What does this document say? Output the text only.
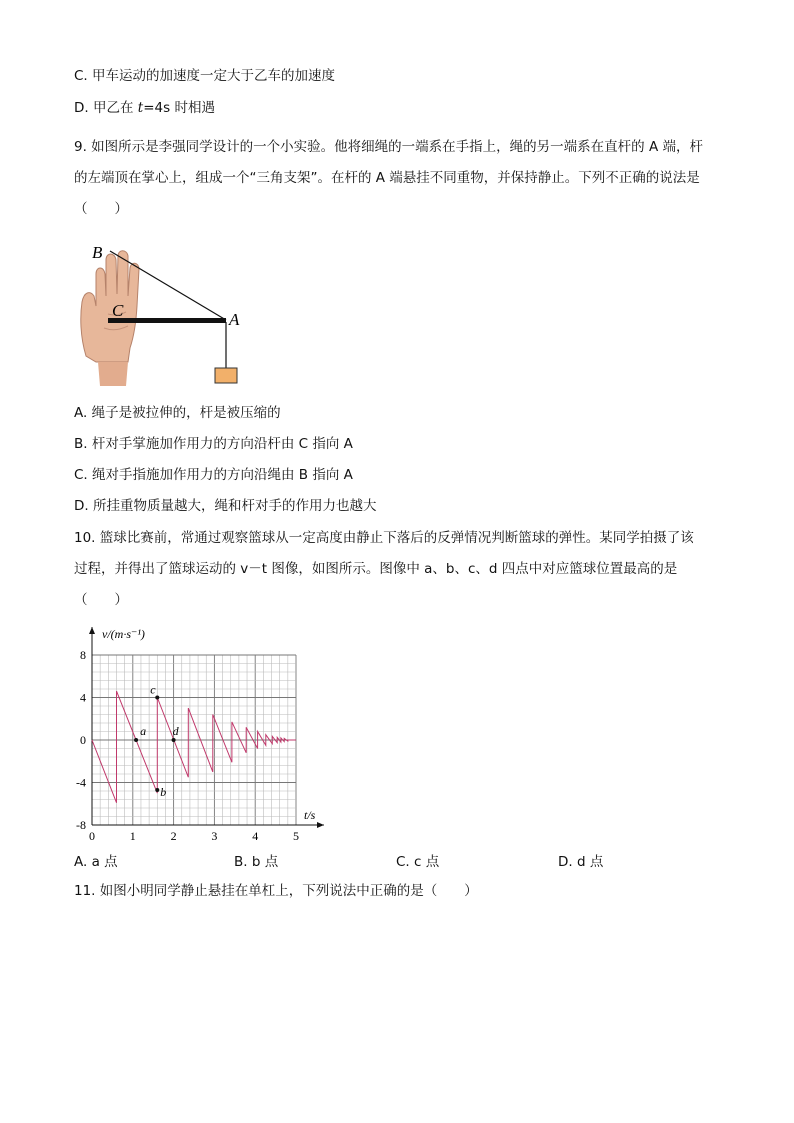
C. 甲车运动的加速度一定大于乙车的加速度
D. 甲乙在 t=4s 时相遇
9. 如图所示是李强同学设计的一个小实验。他将细绳的一端系在手指上，绳的另一端系在直杆的 A 端，杆
的左端顶在掌心上，组成一个“三角支架”。在杆的 A 端悬挂不同重物，并保持静止。下列不正确的说法是
（　　）
B
C	A
A. 绳子是被拉伸的，杆是被压缩的
B. 杆对手掌施加作用力的方向沿杆由 C 指向 A
C. 绳对手指施加作用力的方向沿绳由 B 指向 A
D. 所挂重物质量越大，绳和杆对手的作用力也越大
10. 篮球比赛前，常通过观察篮球从一定高度由静止下落后的反弹情况判断篮球的弹性。某同学拍摄了该
过程，并得出了篮球运动的 v－t 图像，如图所示。图像中 a、b、c、d 四点中对应篮球位置最高的是
（　　）
0	1	2	3	4	5
8
4
0
-4
-8
a
b
c
d
v/(m·s⁻¹)
t/s
A. a 点	B. b 点	C. c 点	D. d 点
11. 如图小明同学静止悬挂在单杠上，下列说法中正确的是（　　）
